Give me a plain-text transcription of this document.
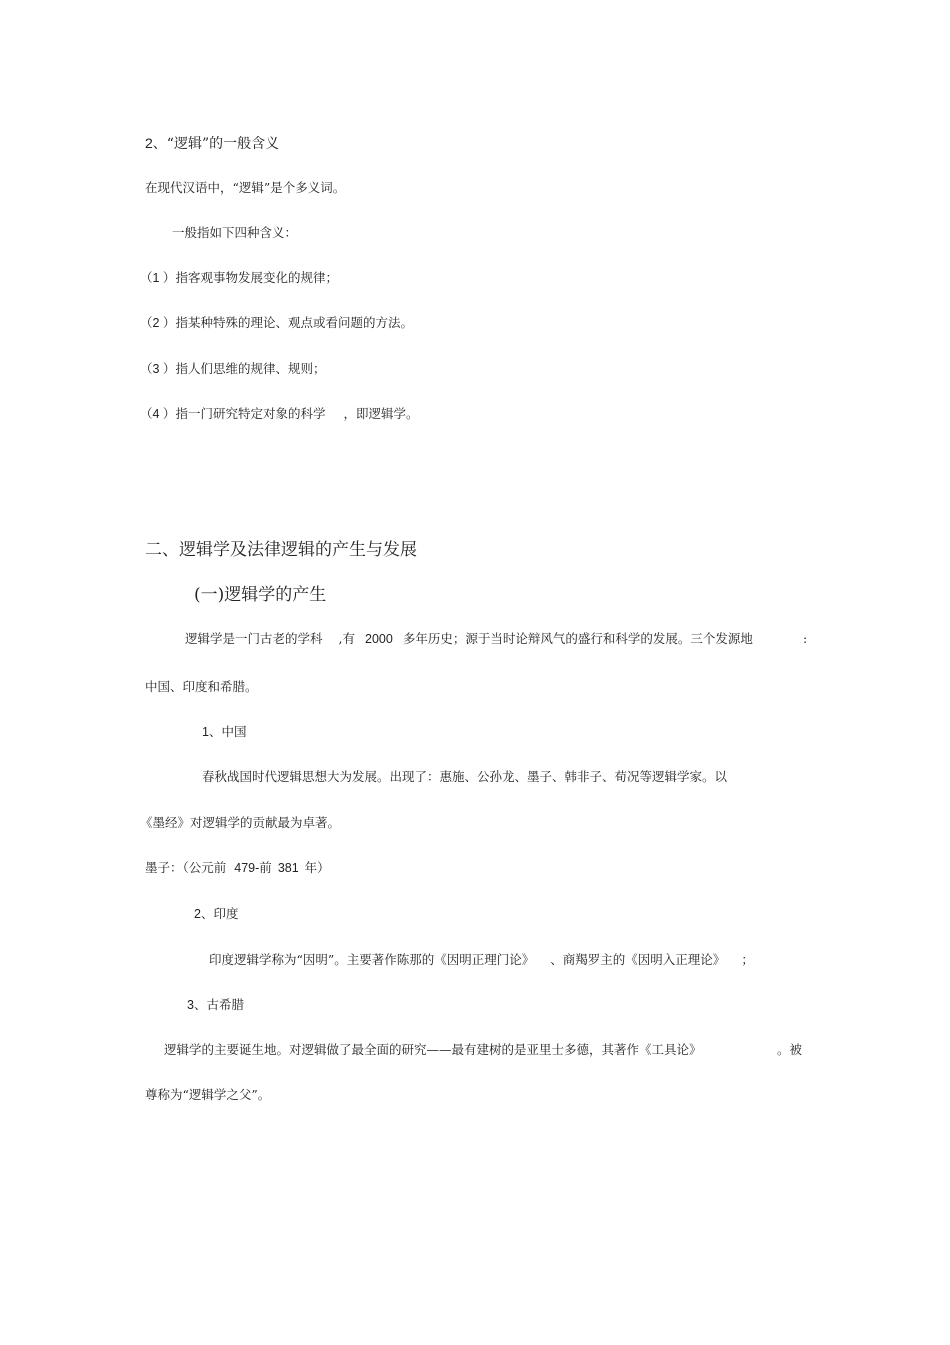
2、“逻辑”的一般含义
在现代汉语中，“逻辑”是个多义词。
一般指如下四种含义：
（1 ）指客观事物发展变化的规律；
（2 ）指某种特殊的理论、观点或看问题的方法。
（3 ）指人们思维的规律、规则；
（4 ）指一门研究特定对象的科学 ，即逻辑学。
二、逻辑学及法律逻辑的产生与发展
(一)逻辑学的产生
逻辑学是一门古老的学科 ,有 2000 多年历史；源于当时论辩风气的盛行和科学的发展。三个发源地	:
中国、印度和希腊。
1、中国
春秋战国时代逻辑思想大为发展。出现了：惠施、公孙龙、墨子、韩非子、荀况等逻辑学家。以
《墨经》对逻辑学的贡献最为卓著。
墨子：（公元前 479-前 381 年）
2、印度
印度逻辑学称为“因明”。主要著作陈那的《因明正理门论》 、商羯罗主的《因明入正理论》 ；
3、古希腊
逻辑学的主要诞生地。对逻辑做了最全面的研究——最有建树的是亚里士多德，其著作《工具论》	。被
尊称为“逻辑学之父”。
